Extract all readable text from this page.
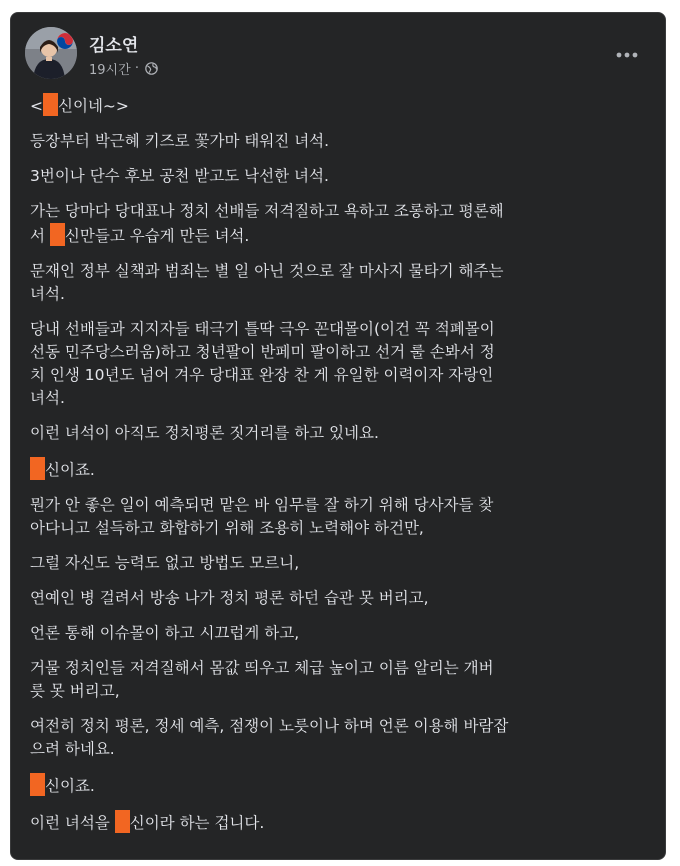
김소연
19시간 ·

< 신이네~>

등장부터 박근혜 키즈로 꽃가마 태워진 녀석.

3번이나 단수 후보 공천 받고도 낙선한 녀석.

가는 당마다 당대표나 정치 선배들 저격질하고 욕하고 조롱하고 평론해
서 신만들고 우습게 만든 녀석.

문재인 정부 실책과 범죄는 별 일 아닌 것으로 잘 마사지 물타기 해주는
녀석.

당내 선배들과 지지자들 태극기 틀딱 극우 꼰대몰이(이건 꼭 적폐몰이
선동 민주당스러움)하고 청년팔이 반페미 팔이하고 선거 룰 손봐서 정
치 인생 10년도 넘어 겨우 당대표 완장 찬 게 유일한 이력이자 자랑인
녀석.

이런 녀석이 아직도 정치평론 짓거리를 하고 있네요.

신이죠.

뭔가 안 좋은 일이 예측되면 맡은 바 임무를 잘 하기 위해 당사자들 찾
아다니고 설득하고 화합하기 위해 조용히 노력해야 하건만,

그럴 자신도 능력도 없고 방법도 모르니,

연예인 병 걸려서 방송 나가 정치 평론 하던 습관 못 버리고,

언론 통해 이슈몰이 하고 시끄럽게 하고,

거물 정치인들 저격질해서 몸값 띄우고 체급 높이고 이름 알리는 개버
릇 못 버리고,

여전히 정치 평론, 정세 예측, 점쟁이 노릇이나 하며 언론 이용해 바람잡
으려 하네요.

신이죠.

이런 녀석을 신이라 하는 겁니다.
